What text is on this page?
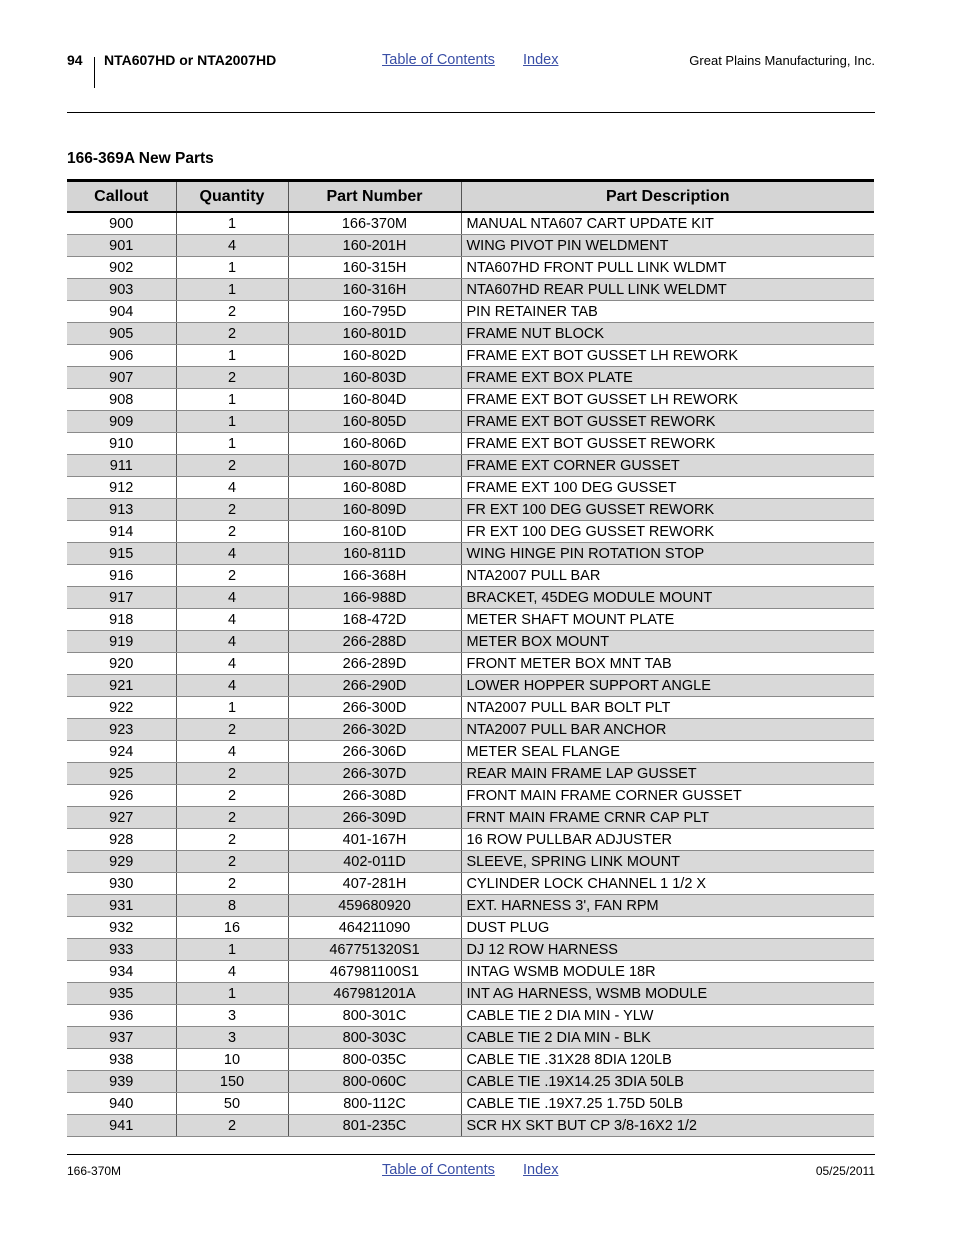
94 NTA607HD or NTA2007HD	Table of Contents Index	Great Plains Manufacturing, Inc.
166-369A New Parts
Callout	Quantity	Part Number	Part Description
900	1	166-370M	MANUAL NTA607 CART UPDATE KIT
901	4	160-201H	WING PIVOT PIN WELDMENT
902	1	160-315H	NTA607HD FRONT PULL LINK WLDMT
903	1	160-316H	NTA607HD REAR PULL LINK WELDMT
904	2	160-795D	PIN RETAINER TAB
905	2	160-801D	FRAME NUT BLOCK
906	1	160-802D	FRAME EXT BOT GUSSET LH REWORK
907	2	160-803D	FRAME EXT BOX PLATE
908	1	160-804D	FRAME EXT BOT GUSSET LH REWORK
909	1	160-805D	FRAME EXT BOT GUSSET REWORK
910	1	160-806D	FRAME EXT BOT GUSSET REWORK
911	2	160-807D	FRAME EXT CORNER GUSSET
912	4	160-808D	FRAME EXT 100 DEG GUSSET
913	2	160-809D	FR EXT 100 DEG GUSSET REWORK
914	2	160-810D	FR EXT 100 DEG GUSSET REWORK
915	4	160-811D	WING HINGE PIN ROTATION STOP
916	2	166-368H	NTA2007 PULL BAR
917	4	166-988D	BRACKET, 45DEG MODULE MOUNT
918	4	168-472D	METER SHAFT MOUNT PLATE
919	4	266-288D	METER BOX MOUNT
920	4	266-289D	FRONT METER BOX MNT TAB
921	4	266-290D	LOWER HOPPER SUPPORT ANGLE
922	1	266-300D	NTA2007 PULL BAR BOLT PLT
923	2	266-302D	NTA2007 PULL BAR ANCHOR
924	4	266-306D	METER SEAL FLANGE
925	2	266-307D	REAR MAIN FRAME LAP GUSSET
926	2	266-308D	FRONT MAIN FRAME CORNER GUSSET
927	2	266-309D	FRNT MAIN FRAME CRNR CAP PLT
928	2	401-167H	16 ROW PULLBAR ADJUSTER
929	2	402-011D	SLEEVE, SPRING LINK MOUNT
930	2	407-281H	CYLINDER LOCK CHANNEL 1 1/2 X
931	8	459680920	EXT. HARNESS 3', FAN RPM
932	16	464211090	DUST PLUG
933	1	467751320S1	DJ 12 ROW HARNESS
934	4	467981100S1	INTAG WSMB MODULE 18R
935	1	467981201A	INT AG HARNESS, WSMB MODULE
936	3	800-301C	CABLE TIE 2 DIA MIN - YLW
937	3	800-303C	CABLE TIE 2 DIA MIN - BLK
938	10	800-035C	CABLE TIE .31X28 8DIA 120LB
939	150	800-060C	CABLE TIE .19X14.25 3DIA 50LB
940	50	800-112C	CABLE TIE .19X7.25 1.75D 50LB
941	2	801-235C	SCR HX SKT BUT CP 3/8-16X2 1/2
166-370M	Table of Contents Index	05/25/2011
